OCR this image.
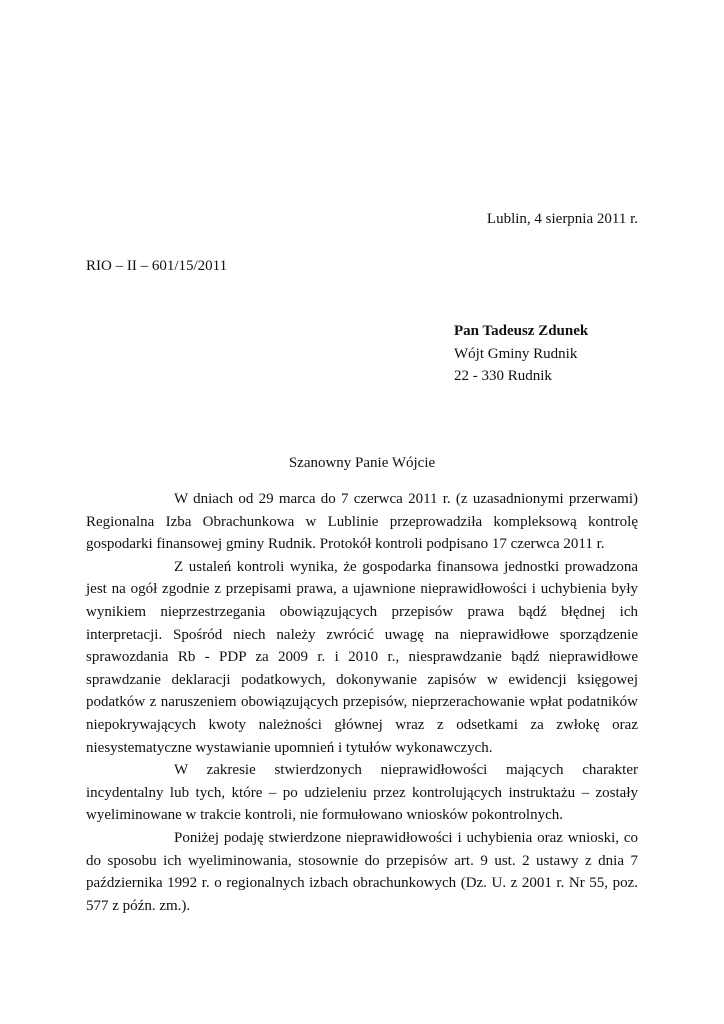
Lublin, 4 sierpnia 2011 r.
RIO – II – 601/15/2011
Pan Tadeusz Zdunek
Wójt Gminy Rudnik
22 - 330 Rudnik
Szanowny Panie Wójcie

W dniach od 29 marca do 7 czerwca 2011 r. (z uzasadnionymi przerwami) Regionalna Izba Obrachunkowa w Lublinie przeprowadziła kompleksową kontrolę gospodarki finansowej gminy Rudnik. Protokół kontroli podpisano 17 czerwca 2011 r.

Z ustaleń kontroli wynika, że gospodarka finansowa jednostki prowadzona jest na ogół zgodnie z przepisami prawa, a ujawnione nieprawidłowości i uchybienia były wynikiem nieprzestrzegania obowiązujących przepisów prawa bądź błędnej ich interpretacji. Spośród niech należy zwrócić uwagę na nieprawidłowe sporządzenie sprawozdania Rb - PDP za 2009 r. i 2010 r., niesprawdzanie bądź nieprawidłowe sprawdzanie deklaracji podatkowych, dokonywanie zapisów w ewidencji księgowej podatków z naruszeniem obowiązujących przepisów, nieprzerachowanie wpłat podatników niepokrywających kwoty należności głównej wraz z odsetkami za zwłokę oraz niesystematyczne wystawianie upomnień i tytułów wykonawczych.

W zakresie stwierdzonych nieprawidłowości mających charakter incydentalny lub tych, które – po udzieleniu przez kontrolujących instruktażu – zostały wyeliminowane w trakcie kontroli, nie formułowano wniosków pokontrolnych.

Poniżej podaję stwierdzone nieprawidłowości i uchybienia oraz wnioski, co do sposobu ich wyeliminowania, stosownie do przepisów art. 9 ust. 2 ustawy z dnia 7 października 1992 r. o regionalnych izbach obrachunkowych (Dz. U. z 2001 r. Nr 55, poz. 577 z późn. zm.).
